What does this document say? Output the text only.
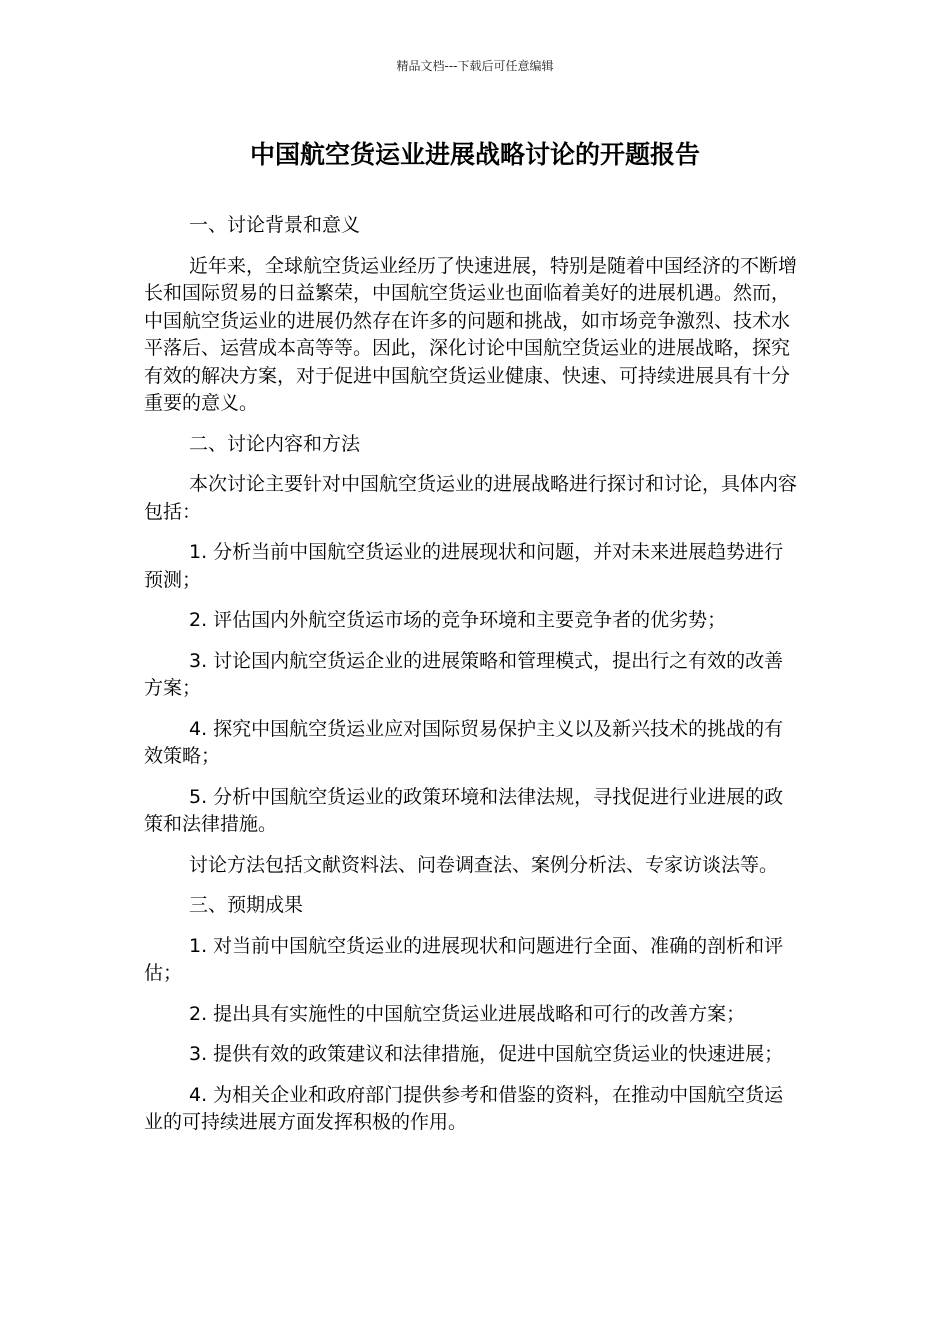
精品文档---下载后可任意编辑
中国航空货运业进展战略讨论的开题报告

一、讨论背景和意义

近年来，全球航空货运业经历了快速进展，特别是随着中国经济的不断增长和国际贸易的日益繁荣，中国航空货运业也面临着美好的进展机遇。然而，中国航空货运业的进展仍然存在许多的问题和挑战，如市场竞争激烈、技术水平落后、运营成本高等等。因此，深化讨论中国航空货运业的进展战略，探究有效的解决方案，对于促进中国航空货运业健康、快速、可持续进展具有十分重要的意义。

二、讨论内容和方法

本次讨论主要针对中国航空货运业的进展战略进行探讨和讨论，具体内容包括：

1. 分析当前中国航空货运业的进展现状和问题，并对未来进展趋势进行预测；

2. 评估国内外航空货运市场的竞争环境和主要竞争者的优劣势；

3. 讨论国内航空货运企业的进展策略和管理模式，提出行之有效的改善方案；

4. 探究中国航空货运业应对国际贸易保护主义以及新兴技术的挑战的有效策略；

5. 分析中国航空货运业的政策环境和法律法规，寻找促进行业进展的政策和法律措施。

讨论方法包括文献资料法、问卷调查法、案例分析法、专家访谈法等。

三、预期成果

1. 对当前中国航空货运业的进展现状和问题进行全面、准确的剖析和评估；

2. 提出具有实施性的中国航空货运业进展战略和可行的改善方案；

3. 提供有效的政策建议和法律措施，促进中国航空货运业的快速进展；

4. 为相关企业和政府部门提供参考和借鉴的资料，在推动中国航空货运业的可持续进展方面发挥积极的作用。
